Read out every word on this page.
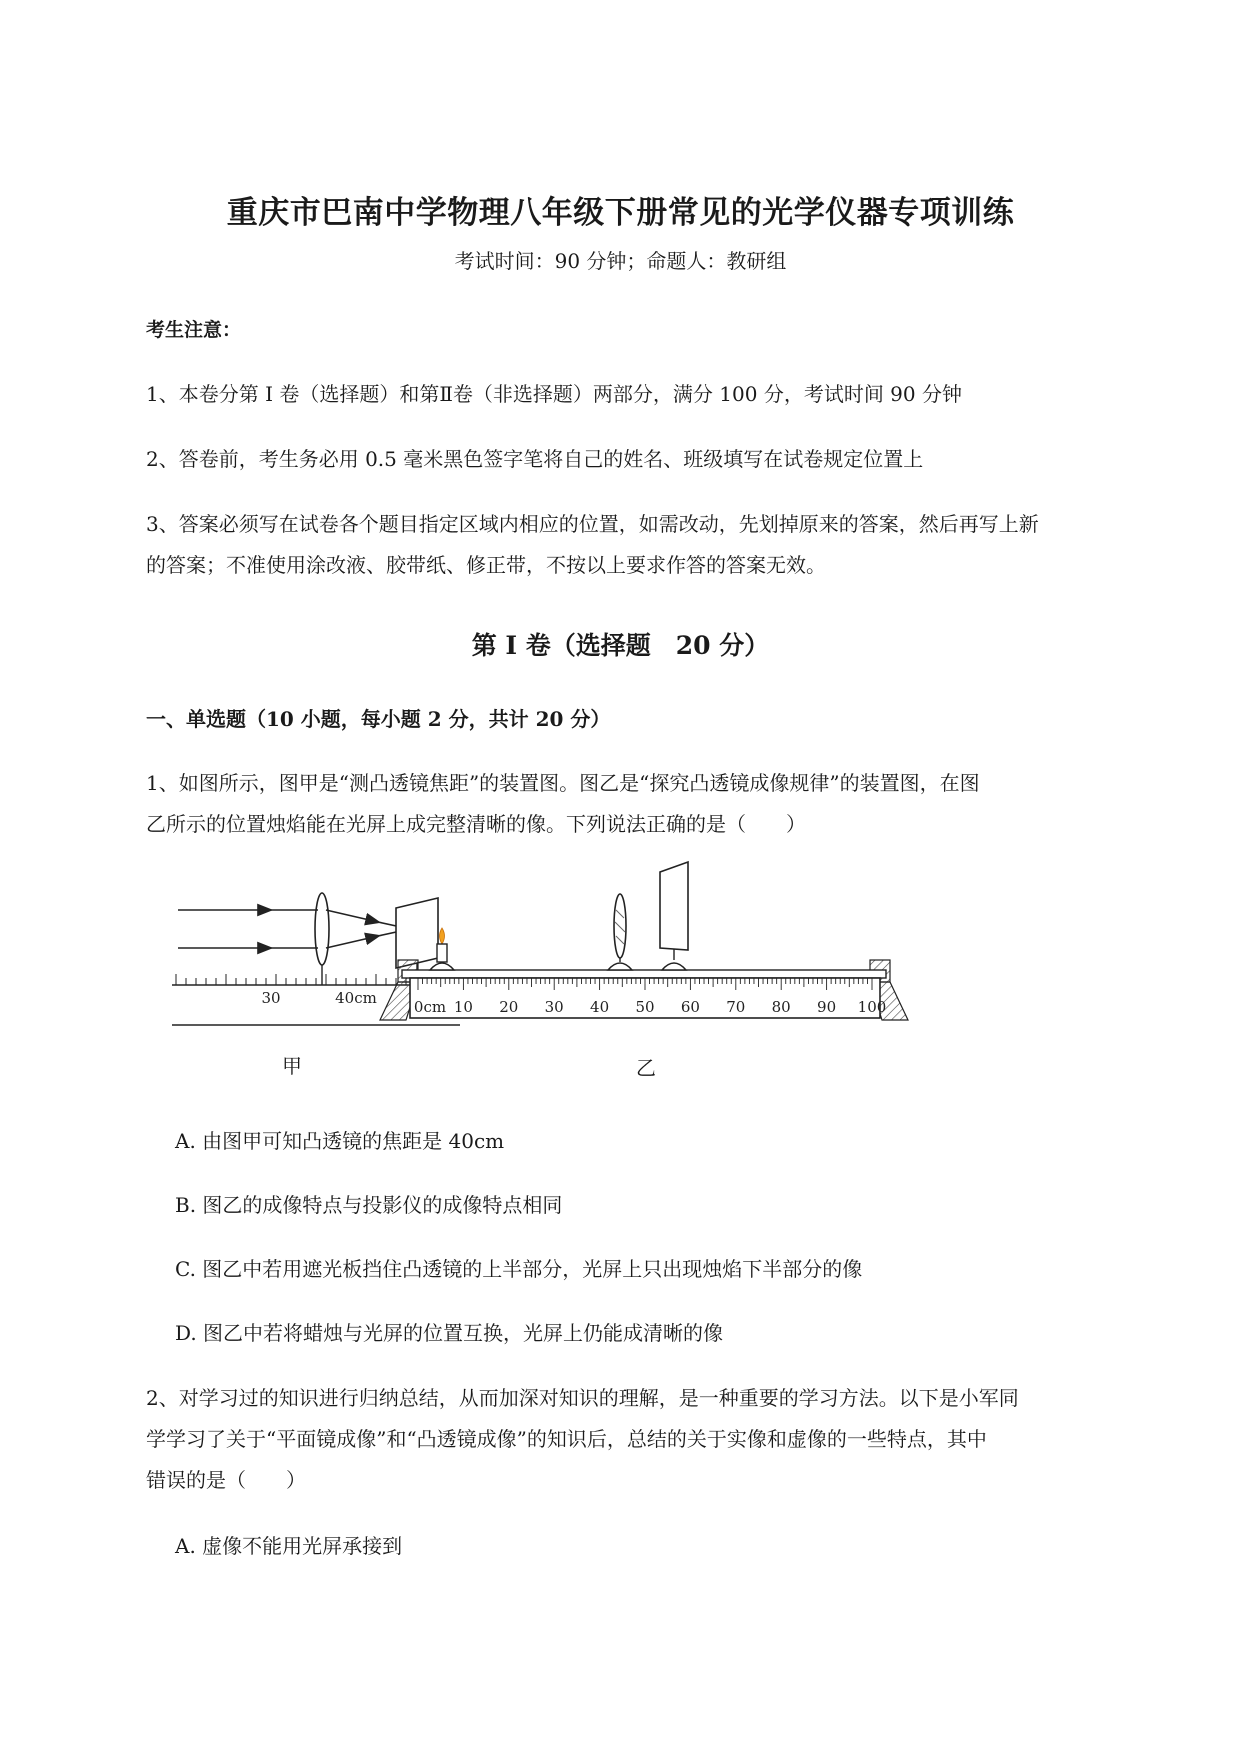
重庆市巴南中学物理八年级下册常见的光学仪器专项训练
考试时间：90 分钟；命题人：教研组
考生注意：
1、本卷分第 I 卷（选择题）和第Ⅱ卷（非选择题）两部分，满分 100 分，考试时间 90 分钟
2、答卷前，考生务必用 0.5 毫米黑色签字笔将自己的姓名、班级填写在试卷规定位置上
3、答案必须写在试卷各个题目指定区域内相应的位置，如需改动，先划掉原来的答案，然后再写上新
的答案；不准使用涂改液、胶带纸、修正带，不按以上要求作答的答案无效。
第 I 卷（选择题　20 分）
一、单选题（10 小题，每小题 2 分，共计 20 分）
1、如图所示，图甲是“测凸透镜焦距”的装置图。图乙是“探究凸透镜成像规律”的装置图，在图
乙所示的位置烛焰能在光屏上成完整清晰的像。下列说法正确的是（　　）
30	40cm 0cm 10 20 30 40 50 60 70 80 90 100
甲	乙
A. 由图甲可知凸透镜的焦距是 40cm
B. 图乙的成像特点与投影仪的成像特点相同
C. 图乙中若用遮光板挡住凸透镜的上半部分，光屏上只出现烛焰下半部分的像
D. 图乙中若将蜡烛与光屏的位置互换，光屏上仍能成清晰的像
2、对学习过的知识进行归纳总结，从而加深对知识的理解，是一种重要的学习方法。以下是小军同
学学习了关于“平面镜成像”和“凸透镜成像”的知识后，总结的关于实像和虚像的一些特点，其中
错误的是（　　）
A. 虚像不能用光屏承接到
